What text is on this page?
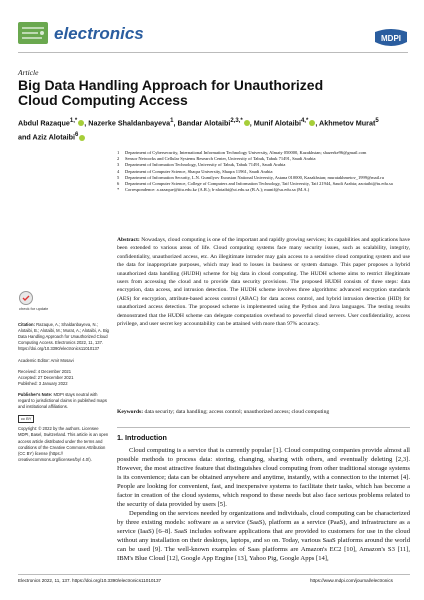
electronics	MDPI
Article
Big Data Handling Approach for Unauthorized Cloud Computing Access
Abdul Razaque$^{1,*}$ , Nazerke Shaldanbayeva$^1$, Bandar Alotaibi$^{2,3,*}$ , Munif Alotaibi$^{4,*}$ , Akhmetov Murat$^5$
and Aziz Alotaibi$^6$
1	Department of Cybersecurity, International Information Technology University, Almaty 050000, Kazakhstan; shazerke96@gmail.com
2	Sensor Networks and Cellular Systems Research Center, University of Tabuk, Tabuk 71491, Saudi Arabia
3	Department of Information Technology, University of Tabuk, Tabuk 71491, Saudi Arabia
4	Department of Computer Science, Shaqra University, Shaqra 11961, Saudi Arabia
5	Department of Information Security, L.N. Gumilyov Eurasian National University, Astana 010000, Kazakhstan; muratakhmetov_1999@mail.ru
6	Department of Computer Science, College of Computers and Information Technology, Taif University, Taif 21944, Saudi Arabia; azotaibi@tu.edu.sa
*	Correspondence: a.razaque@iitu.edu.kz (A.R.); b-alotaibi@ut.edu.sa (B.A.); munif@su.edu.sa (M.A.)
Abstract: Nowadays, cloud computing is one of the important and rapidly growing services; its capabilities and applications have been extended to various areas of life. Cloud computing systems face many security issues, such as scalability, integrity, confidentiality, unauthorized access, etc. An illegitimate intruder may gain access to a sensitive cloud computing system and use the data for inappropriate purposes, which may lead to losses in business or system damage. This paper proposes a hybrid unauthorized data handling (HUDH) scheme for big data in cloud computing. The HUDH scheme aims to restrict illegitimate users from accessing the cloud and to provide data security provisions. The proposed HUDH consists of three steps: data encryption, data access, and intrusion detection. The HUDH scheme involves three algorithms: advanced encryption standards (AES) for encryption, attribute-based access control (ABAC) for data access control, and hybrid intrusion detection (HID) for unauthorized access detection. The proposed scheme is implemented using the Python and Java languages. The testing results demonstrated that the HUDH scheme can delegate computation overhead to powerful cloud servers. User confidentiality, access privilege, and user secret key accountability can be attained with more than 97% accuracy.
Keywords: data security; data handling; access control; unauthorized access; cloud computing
check for updates
Citation: Razaque, A.; Shaldanbayeva, N.; Alotaibi, B.; Alotaibi, M.; Murat, A.; Alotaibi, A. Big Data Handling Approach for Unauthorized Cloud Computing Access. Electronics 2022, 11, 137. https://doi.org/10.3390/electronics11010137
Academic Editor: Amir Mosavi
Received: 4 December 2021
Accepted: 27 December 2021
Published: 3 January 2022
Publisher's Note: MDPI stays neutral with regard to jurisdictional claims in published maps and institutional affiliations.
cc BY
Copyright: © 2022 by the authors. Licensee MDPI, Basel, Switzerland. This article is an open access article distributed under the terms and conditions of the Creative Commons Attribution (CC BY) license (https:// creativecommons.org/licenses/by/ 4.0/).
1. Introduction

Cloud computing is a service that is currently popular [1]. Cloud computing companies provide almost all possible methods to process data: storing, changing, sharing with others, and eventually deleting [2,3]. However, the most attractive feature that distinguishes cloud computing from other traditional storage systems is its convenience; data can be obtained anywhere and anytime, instantly, with a connection to the internet [4]. People are looking for convenient, fast, and inexpensive systems to facilitate their tasks, which has become a factor in creation of the cloud systems, which respond to these needs but also face serious problems related to the security of data provided by users [5].

Depending on the services needed by organizations and individuals, cloud computing can be characterized by three existing models: software as a service (SaaS), platform as a service (PaaS), and infrastructure as a service (IaaS) [6–8]. SaaS includes software applications that are provided to customers for use in the cloud without any installation on their desktops, laptops, and so on. Today, various SaaS platforms around the world can be used [9]. The well-known examples of Saas platforms are Amazon's EC2 [10], Amazon's S3 [11], IBM's Blue Cloud [12], Google App Engine [13], Yahoo Pig, Google Apps [14],

Electronics 2022, 11, 137. https://doi.org/10.3390/electronics11010137	https://www.mdpi.com/journal/electronics
